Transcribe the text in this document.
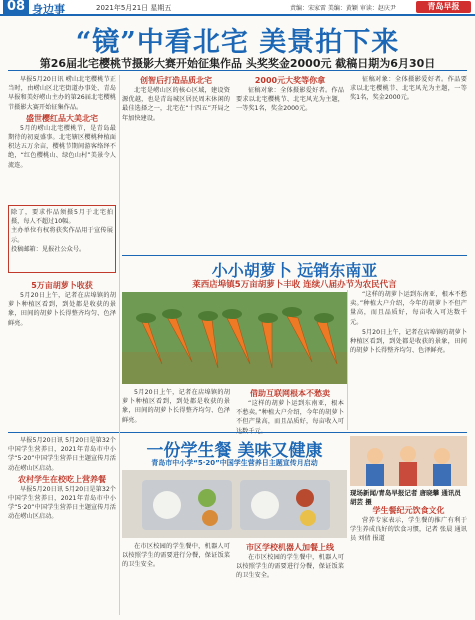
08 身边事	2021年5月21日 星期五	责编：宋家雷 美编：黄颖 审读：赵庆尹	青岛早报
“镜”中看北宅 美景拍下来
第26届北宅樱桃节摄影大赛开始征集作品 头奖奖金2000元 截稿日期为6月30日

早报5月20日讯 崂山北宅樱桃节正当时，由崂山区北宅街道办事处、青岛早报和美好崂山主办的第26届北宅樱桃节摄影大赛开始征集作品。

盛世樱红品大美北宅

5月的崂山北宅樱桃节，是青岛最期待的初夏盛事。北宅辖区樱桃种植面积达五万余亩，樱桃节期间游客络绎不绝，“红色樱桃山、绿色山村”美景令人流连。

创智后打造品质北宅

北宅是崂山区的核心区域，建设资源优越，也是青岛城区居民周末休闲的最佳选择之一，北宅在“十四五”开局之年加快建设。

2000元大奖等你拿

征稿对象：全体摄影爱好者。作品要求以北宅樱桃节、北宅风光为主题，一等奖1名，奖金2000元。

征稿对象：全体摄影爱好者。作品要求以北宅樱桃节、北宅风光为主题，一等奖1名，奖金2000元。

除了，要求作品须摄5月于北宅拍摄，每人不超过10幅。
主办单位有权将获奖作品用于宣传展示。
投稿邮箱：见报社公众号。
小小胡萝卜 远销东南亚
莱西店埠镇5万亩胡萝卜丰收 连续八届办节为农民代言
5万亩胡萝卜收获

5月20日上午，记者在店埠镇的胡萝卜种植区看到，到处都是收获的景象，田间的胡萝卜长得整齐均匀、色泽鲜亮。

“这样的胡萝卜运到东南亚，根本不愁卖。”种植大户介绍，今年的胡萝卜不但产量高，而且品质好，每亩收入可达数千元。

5月20日上午，记者在店埠镇的胡萝卜种植区看到，到处都是收获的景象，田间的胡萝卜长得整齐均匀、色泽鲜亮。

5月20日上午，记者在店埠镇的胡萝卜种植区看到，到处都是收获的景象，田间的胡萝卜长得整齐均匀、色泽鲜亮。

借助互联网根本不愁卖

“这样的胡萝卜运到东南亚，根本不愁卖。”种植大户介绍，今年的胡萝卜不但产量高，而且品质好，每亩收入可

早报5月20日讯 5月20日是第32个中国学生营养日，2021年青岛市中小学“5·20”中国学生营养日主题宣传月活动在崂山区启动。

农村学生在校吃上营养餐

早报5月20日讯 5月20日是第32个中国学生营养日，2021年青岛市中小学“5·20”中国学生营养日主题宣传月活动在崂山区启动。

一份学生餐 美味又健康
青岛市中小学“5·20”中国学生营养日主题宣传月启动

在市区校园的学生餐中，机器人可以按照学生的需要进行分餐，保证饭菜的卫生安全。

市区学校机器人加餐上线

在市区校园的学生餐中，机器人可以按照学生的需要进行分餐，保证饭菜的卫生安全。

现场新闻/青岛早报记者 唐晓攀 通讯员 胡芸 摄
学生餐纪元饮食文化

营养专家表示，学生餐的推广有利于学生养成良好的饮食习惯，记者 张晨 通讯员 刘倩 报道
